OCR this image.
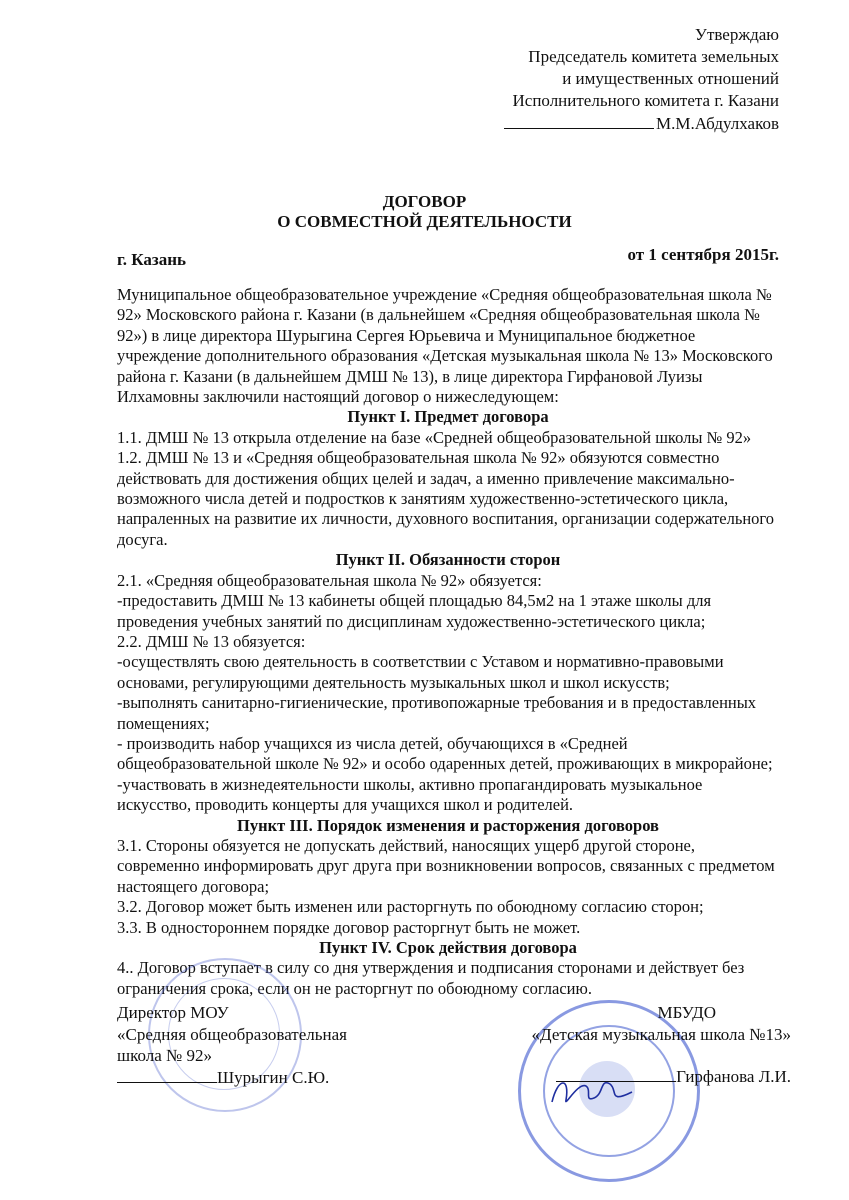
Утверждаю
Председатель комитета земельных
и имущественных отношений
Исполнительного комитета г. Казани
М.М.Абдулхаков
ДОГОВОР
О СОВМЕСТНОЙ ДЕЯТЕЛЬНОСТИ
г. Казань	от 1 сентября 2015г.

Муниципальное общеобразовательное учреждение «Средняя общеобразовательная школа № 92» Московского района г. Казани (в дальнейшем «Средняя общеобразовательная школа № 92») в лице директора Шурыгина Сергея Юрьевича и Муниципальное бюджетное учреждение дополнительного образования «Детская музыкальная школа № 13» Московского района г. Казани (в дальнейшем ДМШ № 13), в лице директора Гирфановой Луизы Илхамовны заключили настоящий договор о нижеследующем:

Пункт I. Предмет договора

1.1. ДМШ № 13 открыла отделение на базе «Средней общеобразовательной школы № 92»

1.2. ДМШ № 13 и «Средняя общеобразовательная школа № 92» обязуются совместно действовать для достижения общих целей и задач, а именно привлечение максимально-возможного числа детей и подростков к занятиям художественно-эстетического цикла, напраленных на развитие их личности, духовного воспитания, организации содержательного досуга.

Пункт II. Обязанности сторон

2.1. «Средняя общеобразовательная школа № 92» обязуется:

-предоставить ДМШ № 13 кабинеты общей площадью 84,5м2 на 1 этаже школы для проведения учебных занятий по дисциплинам художественно-эстетического цикла;

2.2. ДМШ № 13 обязуется:

-осуществлять свою деятельность в соответствии с Уставом и нормативно-правовыми основами, регулирующими деятельность музыкальных школ и школ искусств;

-выполнять санитарно-гигиенические, противопожарные требования и в предоставленных помещениях;

- производить набор учащихся из числа детей, обучающихся в «Средней общеобразовательной школе № 92» и особо одаренных детей, проживающих в микрорайоне;

-участвовать в жизнедеятельности школы, активно пропагандировать музыкальное искусство, проводить концерты для учащихся школ и родителей.

Пункт III. Порядок изменения и расторжения договоров

3.1. Стороны обязуется не допускать действий, наносящих ущерб другой стороне, современно информировать друг друга при возникновении вопросов, связанных с предметом настоящего договора;

3.2. Договор может быть изменен или расторгнуть по обоюдному согласию сторон;

3.3. В одностороннем порядке договор расторгнут быть не может.

Пункт IV. Срок действия договора

4.. Договор вступает в силу со дня утверждения и подписания сторонами и действует без ограничения срока, если он не расторгнут по обоюдному согласию.

Директор МОУ
«Средняя общеобразовательная
школа № 92»
Шурыгин С.Ю.
МБУДО
«Детская музыкальная школа №13»
Гирфанова Л.И.
